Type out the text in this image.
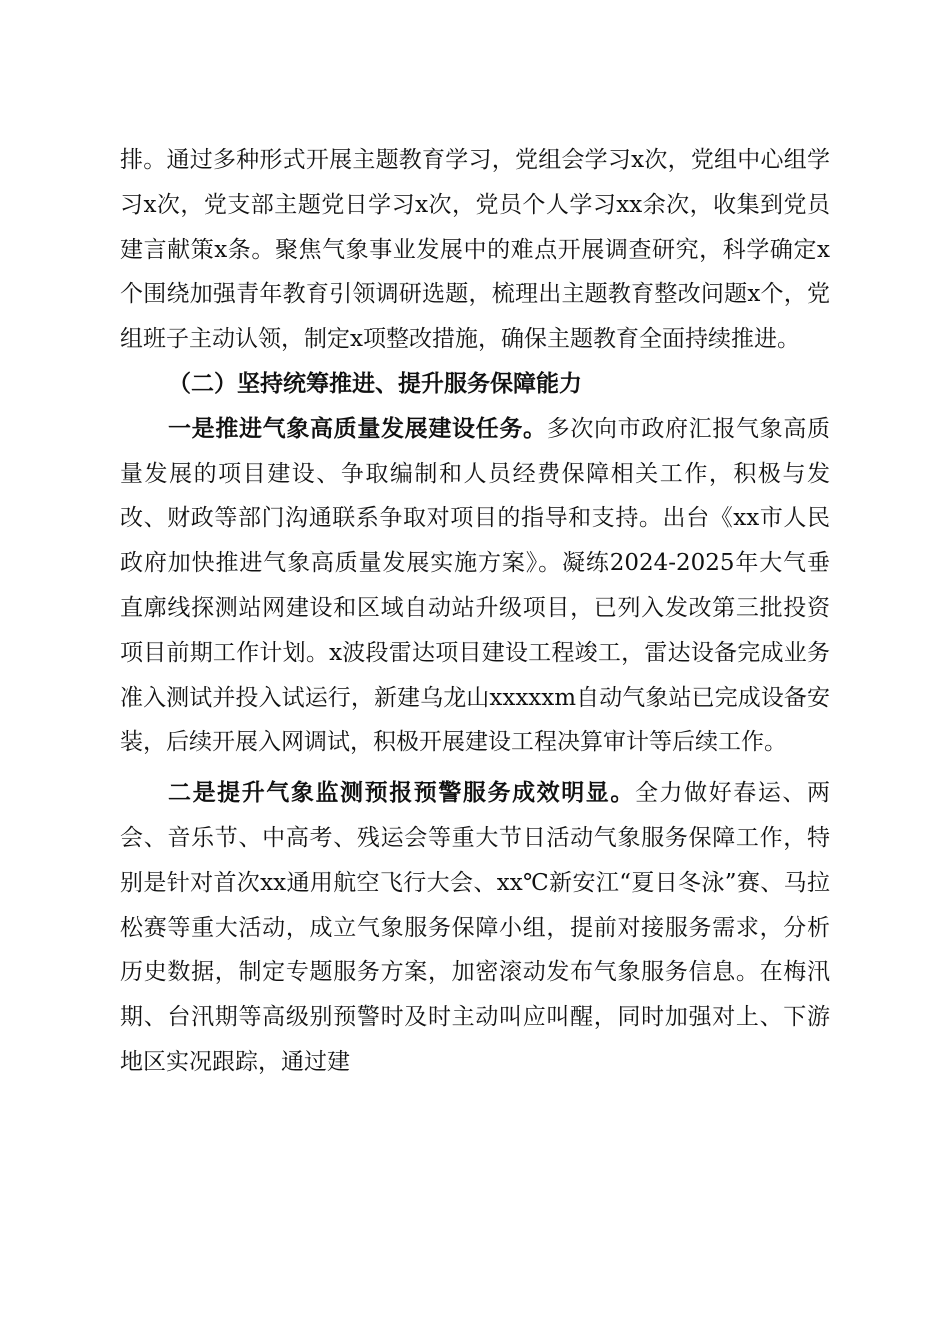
排。通过多种形式开展主题教育学习，党组会学习x次，党组中心组学习x次，党支部主题党日学习x次，党员个人学习xx余次，收集到党员建言献策x条。聚焦气象事业发展中的难点开展调查研究，科学确定x个围绕加强青年教育引领调研选题，梳理出主题教育整改问题x个，党组班子主动认领，制定x项整改措施，确保主题教育全面持续推进。

（二）坚持统筹推进、提升服务保障能力

一是推进气象高质量发展建设任务。多次向市政府汇报气象高质量发展的项目建设、争取编制和人员经费保障相关工作，积极与发改、财政等部门沟通联系争取对项目的指导和支持。出台《xx市人民政府加快推进气象高质量发展实施方案》。凝练2024-2025年大气垂直廓线探测站网建设和区域自动站升级项目，已列入发改第三批投资项目前期工作计划。x波段雷达项目建设工程竣工，雷达设备完成业务准入测试并投入试运行，新建乌龙山xxxxxm自动气象站已完成设备安装，后续开展入网调试，积极开展建设工程决算审计等后续工作。

二是提升气象监测预报预警服务成效明显。全力做好春运、两会、音乐节、中高考、残运会等重大节日活动气象服务保障工作，特别是针对首次xx通用航空飞行大会、xx℃新安江“夏日冬泳”赛、马拉松赛等重大活动，成立气象服务保障小组，提前对接服务需求，分析历史数据，制定专题服务方案，加密滚动发布气象服务信息。在梅汛期、台汛期等高级别预警时及时主动叫应叫醒，同时加强对上、下游地区实况跟踪，通过建
